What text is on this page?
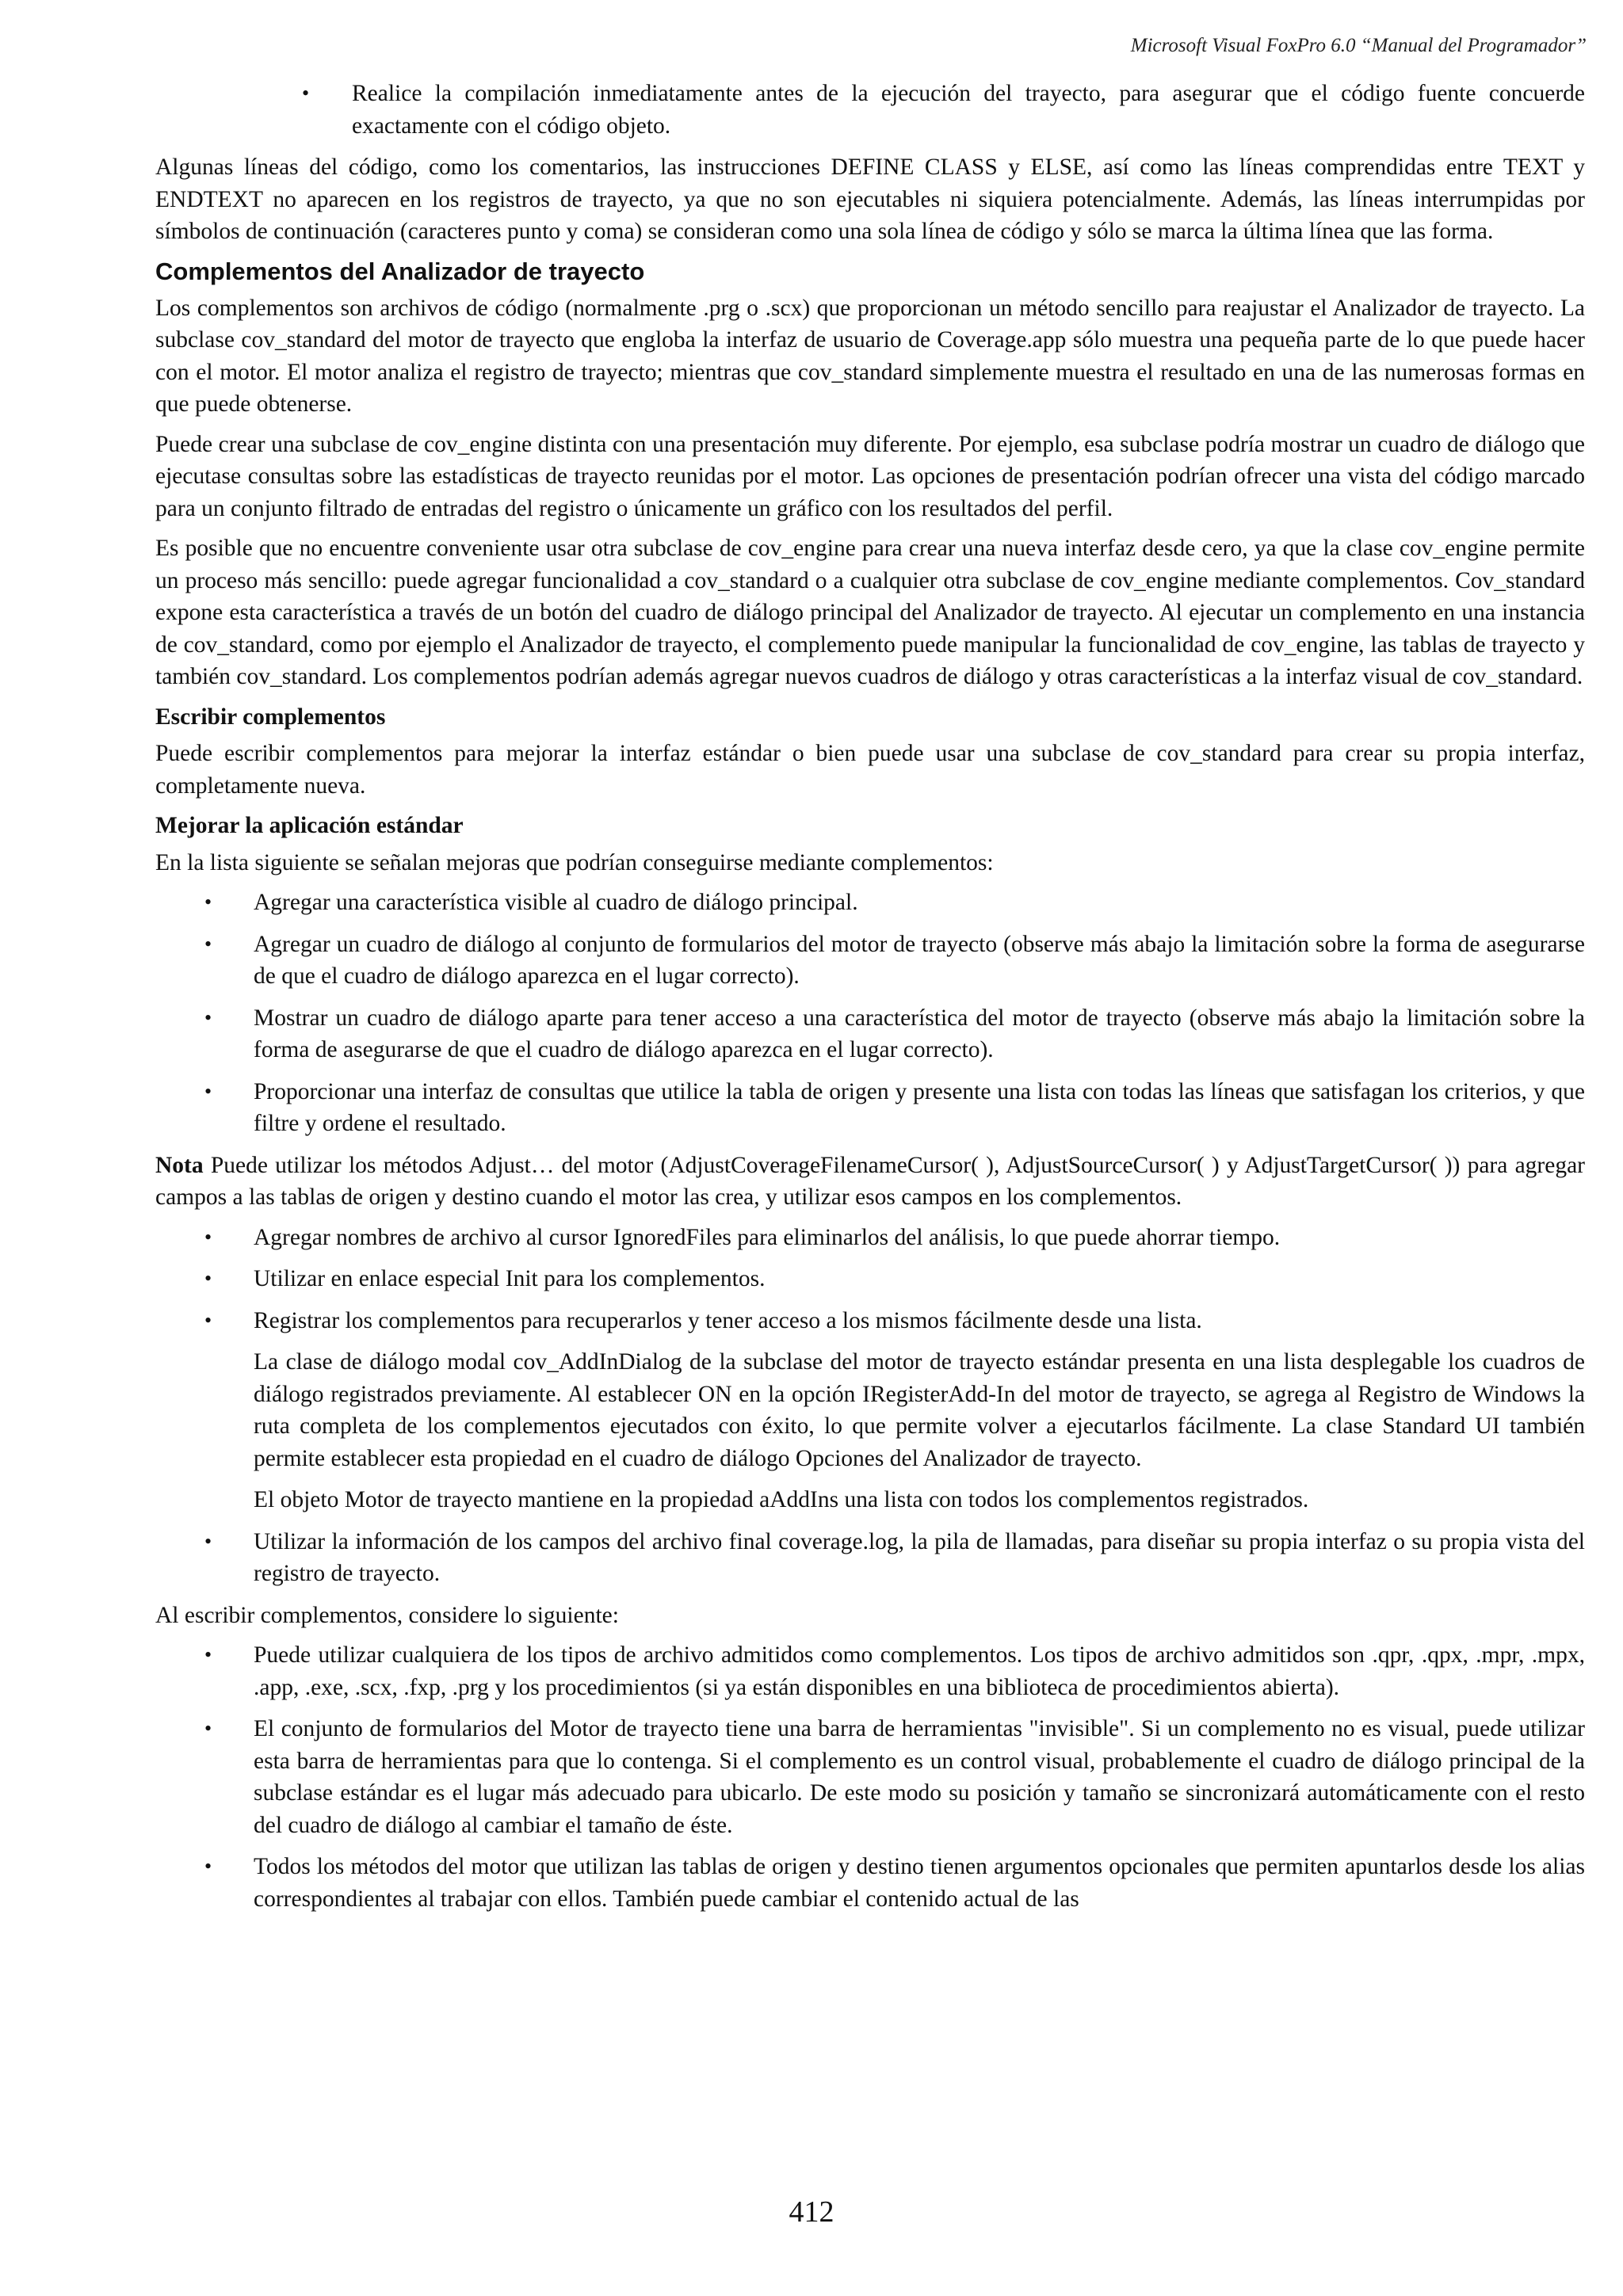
Microsoft Visual FoxPro 6.0 “Manual del Programador”
• Realice la compilación inmediatamente antes de la ejecución del trayecto, para asegurar que el código fuente concuerde exactamente con el código objeto.

Algunas líneas del código, como los comentarios, las instrucciones DEFINE CLASS y ELSE, así como las líneas comprendidas entre TEXT y ENDTEXT no aparecen en los registros de trayecto, ya que no son ejecutables ni siquiera potencialmente. Además, las líneas interrumpidas por símbolos de continuación (caracteres punto y coma) se consideran como una sola línea de código y sólo se marca la última línea que las forma.

Complementos del Analizador de trayecto

Los complementos son archivos de código (normalmente .prg o .scx) que proporcionan un método sencillo para reajustar el Analizador de trayecto. La subclase cov_standard del motor de trayecto que engloba la interfaz de usuario de Coverage.app sólo muestra una pequeña parte de lo que puede hacer con el motor. El motor analiza el registro de trayecto; mientras que cov_standard simplemente muestra el resultado en una de las numerosas formas en que puede obtenerse.

Puede crear una subclase de cov_engine distinta con una presentación muy diferente. Por ejemplo, esa subclase podría mostrar un cuadro de diálogo que ejecutase consultas sobre las estadísticas de trayecto reunidas por el motor. Las opciones de presentación podrían ofrecer una vista del código marcado para un conjunto filtrado de entradas del registro o únicamente un gráfico con los resultados del perfil.

Es posible que no encuentre conveniente usar otra subclase de cov_engine para crear una nueva interfaz desde cero, ya que la clase cov_engine permite un proceso más sencillo: puede agregar funcionalidad a cov_standard o a cualquier otra subclase de cov_engine mediante complementos. Cov_standard expone esta característica a través de un botón del cuadro de diálogo principal del Analizador de trayecto. Al ejecutar un complemento en una instancia de cov_standard, como por ejemplo el Analizador de trayecto, el complemento puede manipular la funcionalidad de cov_engine, las tablas de trayecto y también cov_standard. Los complementos podrían además agregar nuevos cuadros de diálogo y otras características a la interfaz visual de cov_standard.

Escribir complementos

Puede escribir complementos para mejorar la interfaz estándar o bien puede usar una subclase de cov_standard para crear su propia interfaz, completamente nueva.

Mejorar la aplicación estándar

En la lista siguiente se señalan mejoras que podrían conseguirse mediante complementos:

• Agregar una característica visible al cuadro de diálogo principal.
• Agregar un cuadro de diálogo al conjunto de formularios del motor de trayecto (observe más abajo la limitación sobre la forma de asegurarse de que el cuadro de diálogo aparezca en el lugar correcto).
• Mostrar un cuadro de diálogo aparte para tener acceso a una característica del motor de trayecto (observe más abajo la limitación sobre la forma de asegurarse de que el cuadro de diálogo aparezca en el lugar correcto).
• Proporcionar una interfaz de consultas que utilice la tabla de origen y presente una lista con todas las líneas que satisfagan los criterios, y que filtre y ordene el resultado.

Nota Puede utilizar los métodos Adjust… del motor (AdjustCoverageFilenameCursor( ), AdjustSourceCursor( ) y AdjustTargetCursor( )) para agregar campos a las tablas de origen y destino cuando el motor las crea, y utilizar esos campos en los complementos.

• Agregar nombres de archivo al cursor IgnoredFiles para eliminarlos del análisis, lo que puede ahorrar tiempo.
• Utilizar en enlace especial Init para los complementos.
• Registrar los complementos para recuperarlos y tener acceso a los mismos fácilmente desde una lista.

La clase de diálogo modal cov_AddInDialog de la subclase del motor de trayecto estándar presenta en una lista desplegable los cuadros de diálogo registrados previamente. Al establecer ON en la opción IRegisterAdd-In del motor de trayecto, se agrega al Registro de Windows la ruta completa de los complementos ejecutados con éxito, lo que permite volver a ejecutarlos fácilmente. La clase Standard UI también permite establecer esta propiedad en el cuadro de diálogo Opciones del Analizador de trayecto.

El objeto Motor de trayecto mantiene en la propiedad aAddIns una lista con todos los complementos registrados.

• Utilizar la información de los campos del archivo final coverage.log, la pila de llamadas, para diseñar su propia interfaz o su propia vista del registro de trayecto.

Al escribir complementos, considere lo siguiente:

• Puede utilizar cualquiera de los tipos de archivo admitidos como complementos. Los tipos de archivo admitidos son .qpr, .qpx, .mpr, .mpx, .app, .exe, .scx, .fxp, .prg y los procedimientos (si ya están disponibles en una biblioteca de procedimientos abierta).
• El conjunto de formularios del Motor de trayecto tiene una barra de herramientas "invisible". Si un complemento no es visual, puede utilizar esta barra de herramientas para que lo contenga. Si el complemento es un control visual, probablemente el cuadro de diálogo principal de la subclase estándar es el lugar más adecuado para ubicarlo. De este modo su posición y tamaño se sincronizará automáticamente con el resto del cuadro de diálogo al cambiar el tamaño de éste.
• Todos los métodos del motor que utilizan las tablas de origen y destino tienen argumentos opcionales que permiten apuntarlos desde los alias correspondientes al trabajar con ellos. También puede cambiar el contenido actual de las
412
